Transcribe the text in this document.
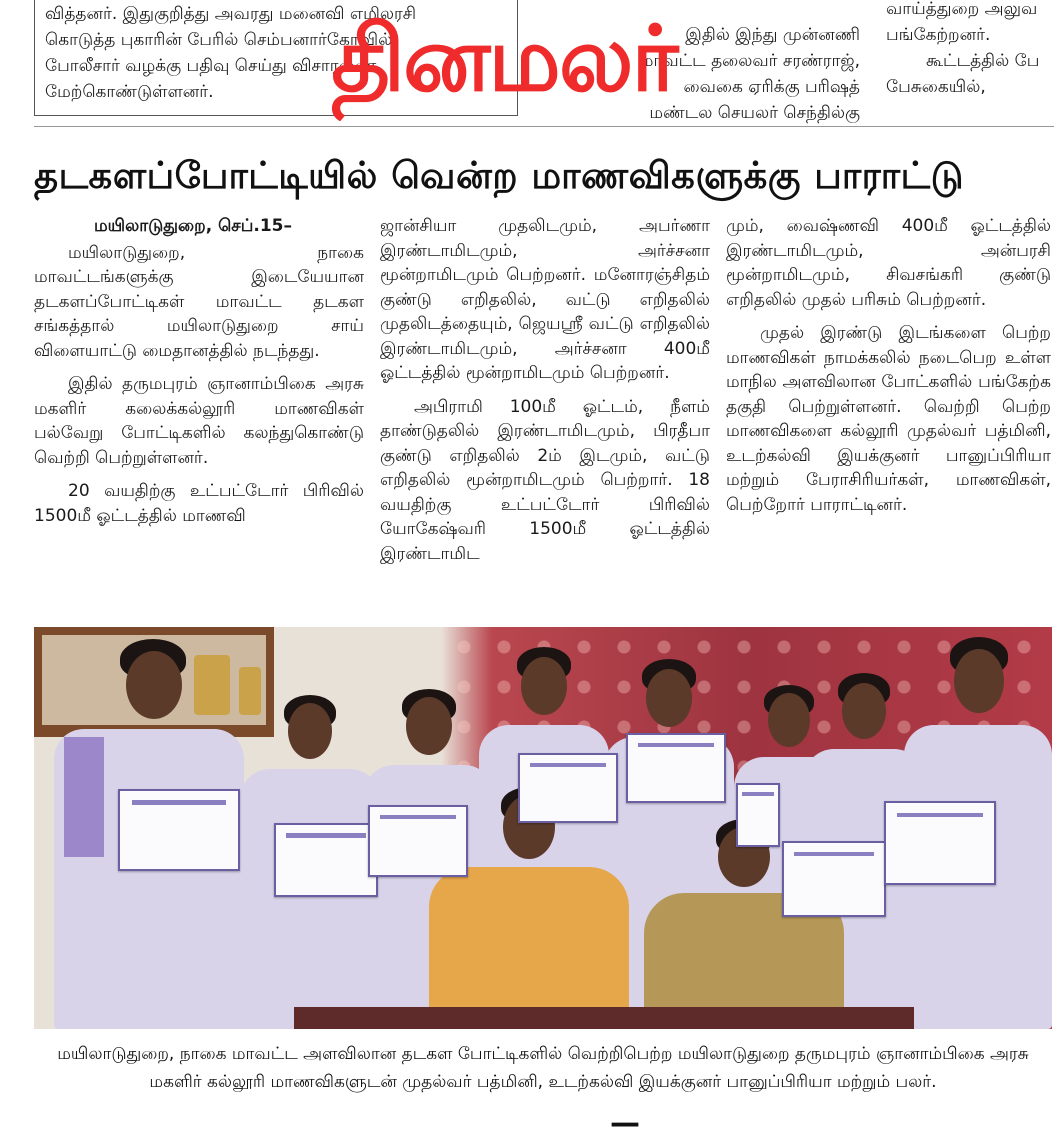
வித்தனர். இதுகுறித்து அவரது மனைவி எழிலரசி
கொடுத்த புகாரின் பேரில் செம்பனார்கோவில்
போலீசார் வழக்கு பதிவு செய்து விசாரணை
மேற்கொண்டுள்ளனர்.

இதில் இந்து முன்னணி

மாவட்ட தலைவர் சரண்ராஜ்,

வைகை ஏரிக்கு பரிஷத்

மண்டல செயலர் செந்தில்கு

வாய்த்துறை அலுவ

பங்கேற்றனர்.

கூட்டத்தில் பே

பேசுகையில்,

தினமலர்
தடகளப்போட்டியில் வென்ற மாணவிகளுக்கு பாராட்டு

மயிலாடுதுறை, செப்.15–

மயிலாடுதுறை, நாகை மாவட்டங்களுக்கு இடையேயான தடகளப்போட்டிகள் மாவட்ட தடகள சங்கத்தால் மயிலாடுதுறை சாய் விளையாட்டு மைதானத்தில் நடந்தது.

இதில் தருமபுரம் ஞானாம்பிகை அரசு மகளிர் கலைக்கல்லூரி மாணவிகள் பல்வேறு போட்டிகளில் கலந்துகொண்டு வெற்றி பெற்றுள்ளனர்.

20 வயதிற்கு உட்பட்டோர் பிரிவில் 1500மீ ஓட்டத்தில் மாணவி

ஜான்சியா முதலிடமும், அபர்ணா இரண்டாமிடமும், அர்ச்சனா மூன்றாமிடமும் பெற்றனர். மனோரஞ்சிதம் குண்டு எறிதலில், வட்டு எறிதலில் முதலிடத்தையும், ஜெயஸ்ரீ வட்டு எறிதலில் இரண்டாமிடமும், அர்ச்சனா 400மீ ஓட்டத்தில் மூன்றாமிடமும் பெற்றனர்.

அபிராமி 100மீ ஓட்டம், நீளம் தாண்டுதலில் இரண்டாமிடமும், பிரதீபா குண்டு எறிதலில் 2ம் இடமும், வட்டு எறிதலில் மூன்றாமிடமும் பெற்றார். 18 வயதிற்கு உட்பட்டோர் பிரிவில் யோகேஷ்வரி 1500மீ ஓட்டத்தில் இரண்டாமிட

மும், வைஷ்ணவி 400மீ ஓட்டத்தில் இரண்டாமிடமும், அன்பரசி மூன்றாமிடமும், சிவசங்கரி குண்டு எறிதலில் முதல் பரிசும் பெற்றனர்.

முதல் இரண்டு இடங்களை பெற்ற மாணவிகள் நாமக்கலில் நடைபெற உள்ள மாநில அளவிலான போட்களில் பங்கேற்க தகுதி பெற்றுள்ளனர். வெற்றி பெற்ற மாணவிகளை கல்லூரி முதல்வர் பத்மினி, உடற்கல்வி இயக்குனர் பானுப்பிரியா மற்றும் பேராசிரியர்கள், மாணவிகள், பெற்றோர் பாராட்டினர்.

மயிலாடுதுறை, நாகை மாவட்ட அளவிலான தடகள போட்டிகளில் வெற்றிபெற்ற மயிலாடுதுறை தருமபுரம் ஞானாம்பிகை அரசு மகளிர் கல்லூரி மாணவிகளுடன் முதல்வர் பத்மினி, உடற்கல்வி இயக்குனர் பானுப்பிரியா மற்றும் பலர்.
—
